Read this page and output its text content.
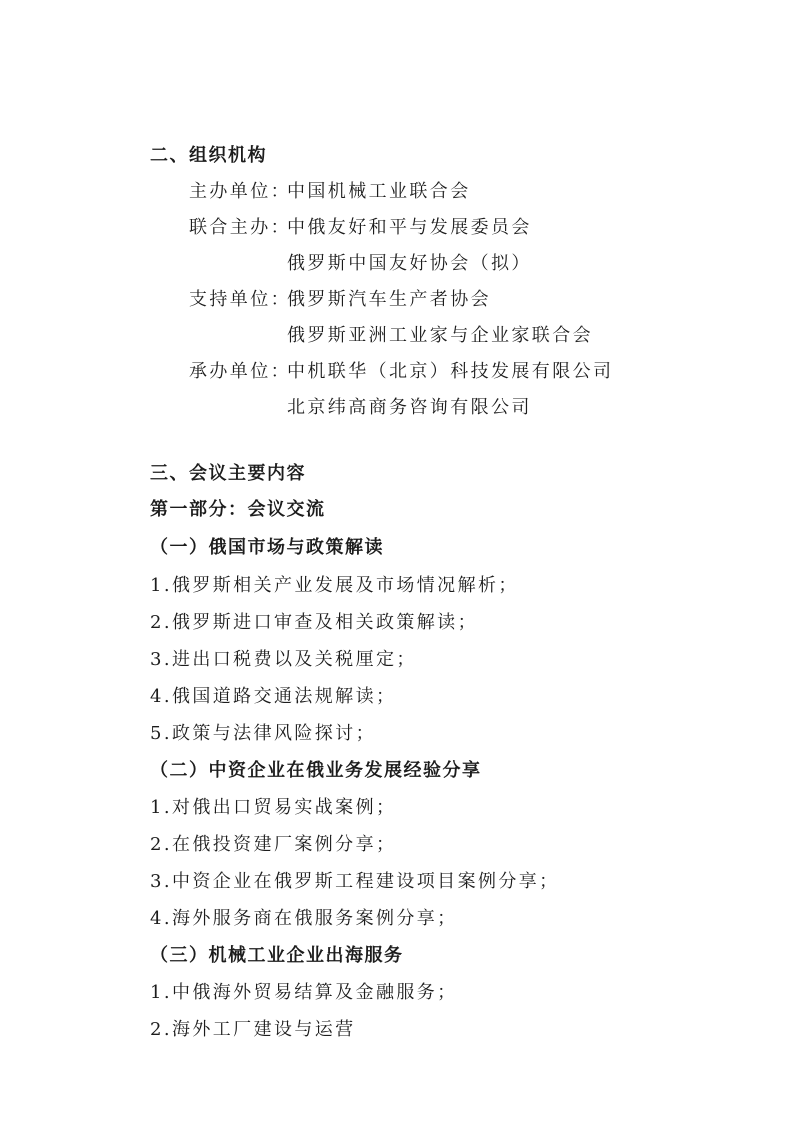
二、组织机构
主办单位：
中国机械工业联合会
联合主办：
中俄友好和平与发展委员会
俄罗斯中国友好协会（拟）
支持单位：
俄罗斯汽车生产者协会
俄罗斯亚洲工业家与企业家联合会
承办单位：
中机联华（北京）科技发展有限公司
北京纬高商务咨询有限公司
三、会议主要内容
第一部分：会议交流
（一）俄国市场与政策解读
1.俄罗斯相关产业发展及市场情况解析；
2.俄罗斯进口审查及相关政策解读；
3.进出口税费以及关税厘定；
4.俄国道路交通法规解读；
5.政策与法律风险探讨；
（二）中资企业在俄业务发展经验分享
1.对俄出口贸易实战案例；
2.在俄投资建厂案例分享；
3.中资企业在俄罗斯工程建设项目案例分享；
4.海外服务商在俄服务案例分享；
（三）机械工业企业出海服务
1.中俄海外贸易结算及金融服务；
2.海外工厂建设与运营
